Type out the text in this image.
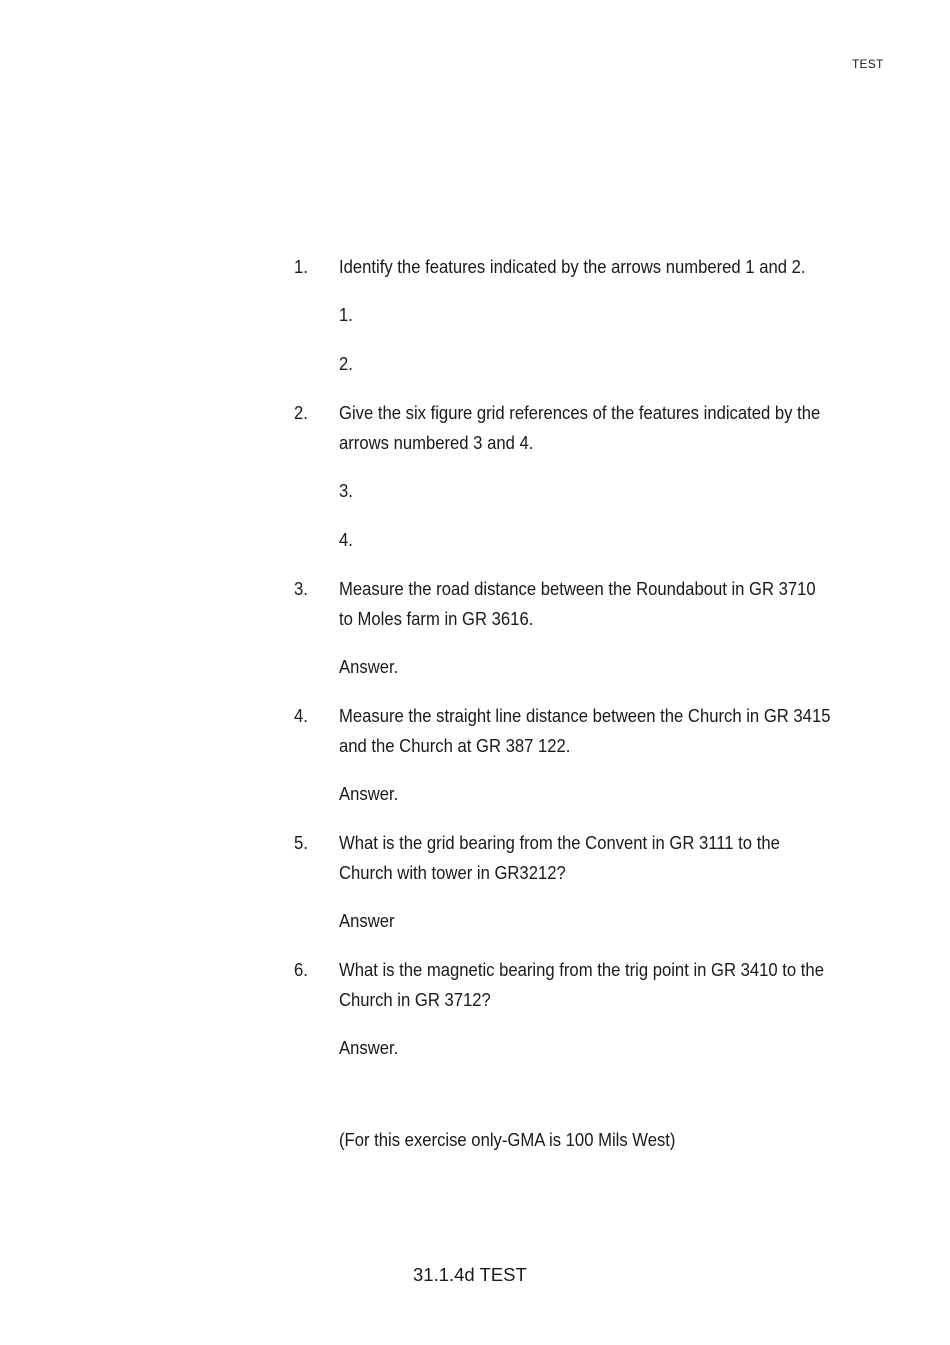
TEST
1.	Identify the features indicated by the arrows numbered 1 and 2.
1.
2.
2.	Give the six figure grid references of the features indicated by the arrows numbered 3 and 4.
3.
4.
3.	Measure the road distance between the Roundabout in GR 3710 to Moles farm in GR 3616.
Answer.
4.	Measure the straight line distance between the Church in GR 3415 and the Church at GR 387 122.
Answer.
5.	What is the grid bearing from the Convent in GR 3111 to the Church with tower in GR3212?
Answer
6.	What is the magnetic bearing from the trig point in GR 3410 to the Church in GR 3712?
Answer.
(For this exercise only-GMA is 100 Mils West)
31.1.4d TEST
